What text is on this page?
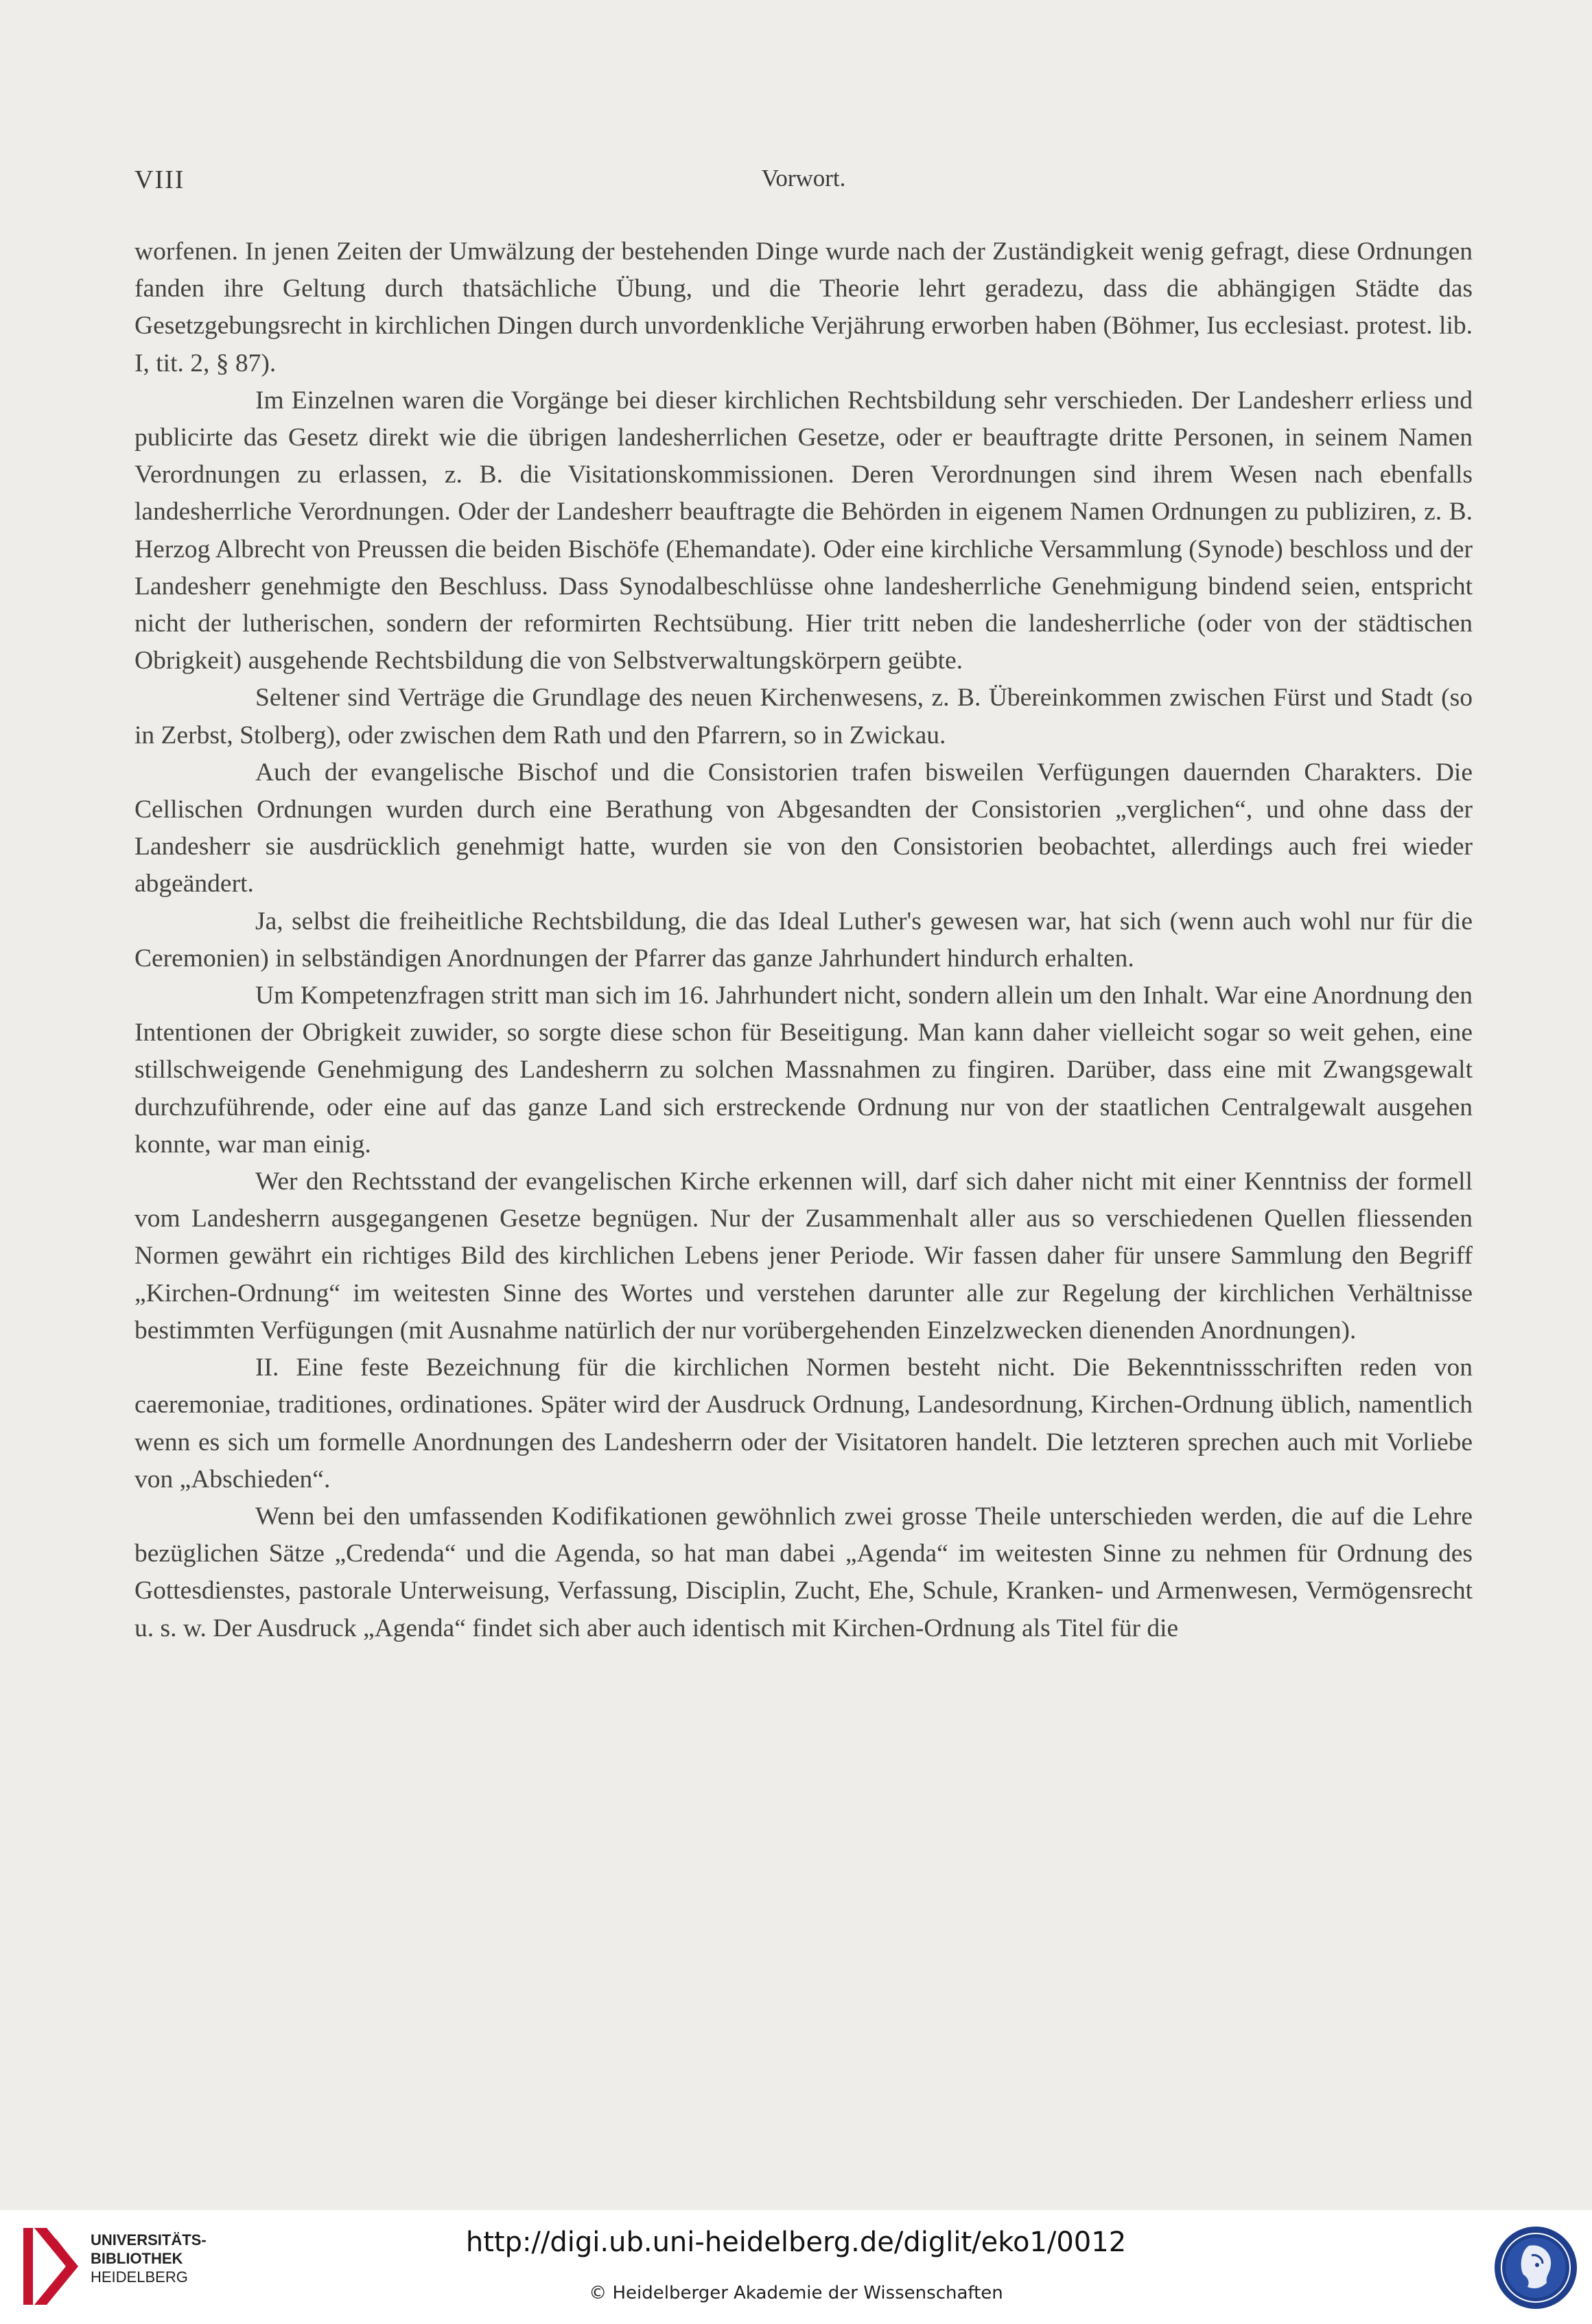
VIII	Vorwort.

worfenen. In jenen Zeiten der Umwälzung der bestehenden Dinge wurde nach der Zuständigkeit wenig gefragt, diese Ordnungen fanden ihre Geltung durch thatsächliche Übung, und die Theorie lehrt geradezu, dass die abhängigen Städte das Gesetzgebungsrecht in kirchlichen Dingen durch unvordenkliche Verjährung erworben haben (Böhmer, Ius ecclesiast. protest. lib. I, tit. 2, § 87).

Im Einzelnen waren die Vorgänge bei dieser kirchlichen Rechtsbildung sehr verschieden. Der Landesherr erliess und publicirte das Gesetz direkt wie die übrigen landesherrlichen Gesetze, oder er beauftragte dritte Personen, in seinem Namen Verordnungen zu erlassen, z. B. die Visitationskommissionen. Deren Verordnungen sind ihrem Wesen nach ebenfalls landesherrliche Verordnungen. Oder der Landesherr beauftragte die Behörden in eigenem Namen Ordnungen zu publiziren, z. B. Herzog Albrecht von Preussen die beiden Bischöfe (Ehemandate). Oder eine kirchliche Versammlung (Synode) beschloss und der Landesherr genehmigte den Beschluss. Dass Synodalbeschlüsse ohne landesherrliche Genehmigung bindend seien, entspricht nicht der lutherischen, sondern der reformirten Rechtsübung. Hier tritt neben die landesherrliche (oder von der städtischen Obrigkeit) ausgehende Rechtsbildung die von Selbstverwaltungskörpern geübte.

Seltener sind Verträge die Grundlage des neuen Kirchenwesens, z. B. Übereinkommen zwischen Fürst und Stadt (so in Zerbst, Stolberg), oder zwischen dem Rath und den Pfarrern, so in Zwickau.

Auch der evangelische Bischof und die Consistorien trafen bisweilen Verfügungen dauernden Charakters. Die Cellischen Ordnungen wurden durch eine Berathung von Abgesandten der Consistorien „verglichen“, und ohne dass der Landesherr sie ausdrücklich genehmigt hatte, wurden sie von den Consistorien beobachtet, allerdings auch frei wieder abgeändert.

Ja, selbst die freiheitliche Rechtsbildung, die das Ideal Luther's gewesen war, hat sich (wenn auch wohl nur für die Ceremonien) in selbständigen Anordnungen der Pfarrer das ganze Jahrhundert hindurch erhalten.

Um Kompetenzfragen stritt man sich im 16. Jahrhundert nicht, sondern allein um den Inhalt. War eine Anordnung den Intentionen der Obrigkeit zuwider, so sorgte diese schon für Beseitigung. Man kann daher vielleicht sogar so weit gehen, eine stillschweigende Genehmigung des Landesherrn zu solchen Massnahmen zu fingiren. Darüber, dass eine mit Zwangsgewalt durchzuführende, oder eine auf das ganze Land sich erstreckende Ordnung nur von der staatlichen Centralgewalt ausgehen konnte, war man einig.

Wer den Rechtsstand der evangelischen Kirche erkennen will, darf sich daher nicht mit einer Kenntniss der formell vom Landesherrn ausgegangenen Gesetze begnügen. Nur der Zusammenhalt aller aus so verschiedenen Quellen fliessenden Normen gewährt ein richtiges Bild des kirchlichen Lebens jener Periode. Wir fassen daher für unsere Sammlung den Begriff „Kirchen-Ordnung“ im weitesten Sinne des Wortes und verstehen darunter alle zur Regelung der kirchlichen Verhältnisse bestimmten Verfügungen (mit Ausnahme natürlich der nur vorübergehenden Einzelzwecken dienenden Anordnungen).

II. Eine feste Bezeichnung für die kirchlichen Normen besteht nicht. Die Bekenntnissschriften reden von caeremoniae, traditiones, ordinationes. Später wird der Ausdruck Ordnung, Landesordnung, Kirchen-Ordnung üblich, namentlich wenn es sich um formelle Anordnungen des Landesherrn oder der Visitatoren handelt. Die letzteren sprechen auch mit Vorliebe von „Abschieden“.

Wenn bei den umfassenden Kodifikationen gewöhnlich zwei grosse Theile unterschieden werden, die auf die Lehre bezüglichen Sätze „Credenda“ und die Agenda, so hat man dabei „Agenda“ im weitesten Sinne zu nehmen für Ordnung des Gottesdienstes, pastorale Unterweisung, Verfassung, Disciplin, Zucht, Ehe, Schule, Kranken- und Armenwesen, Vermögensrecht u. s. w. Der Ausdruck „Agenda“ findet sich aber auch identisch mit Kirchen-Ordnung als Titel für die

UNIVERSITÄTS-
BIBLIOTHEK
HEIDELBERG
http://digi.ub.uni-heidelberg.de/diglit/eko1/0012
© Heidelberger Akademie der Wissenschaften
